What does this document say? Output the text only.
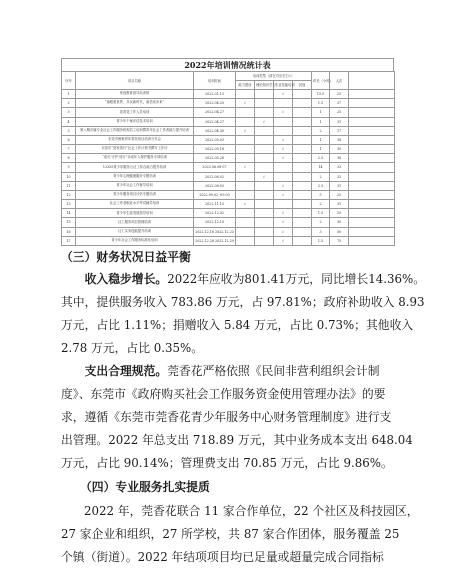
2022年培训情况统计表
序号	项目名称	培训时间	培训类型（请在对应栏打√）				时长（小时）	人次	
			能力建设	理论知识学习	专业技能培训	其他			
1	家庭教育指导培训班	2022.01.13			√		15.5	25	
2	“童眼看世界，共议新时代，童语话未来”	2022.04.20	√				1.5	37	
3	莞香花工作人员培训	2022.04.27			√		1	25	
4	青少年个案评估技术培训	2022.04.27		√			1	31	
5	第八期市属专业社会工作服务机构员工培训暨青年社会工作者能力提升培训	2022.04.30	√				2	17	
6	东莞市困难青年帮扶项目培训分享会	2022.05.03			√		1	38	
7	东莞市“莞家善行”社会工作计划书撰写工作坊	2022.05.18			√		1	30	
8	“成长·守护·同行”未成年人保护服务专项培训	2022.05.26			√		2.5	38	
9	12355青少年服务台社工综合能力提升培训	2022.06.08-07	√				14	33	
10	青少年心理健康服务专题培训	2022.08.02		√			2	32	
11	青少年社会工作督导培训	2022.08.03			√		2.5	31	
12	青少年服务项目评估专题培训	2022.09.02 -09.03			√		5	25	
13	社会工作者职业水平考试辅导培训	2022.11.10	√				2	31	
14	青少年生涯发展指导培训	2022.12.02			√		1.5	25	
15	社工服务项目管理培训	2022.12.10			√		2	30	
16	社工实务技能提升培训	2022.12.16 2022.12.23			√		3	50	
17	青少年社会工作服务标准化培训	2022.12.28 2022.12.29			√		1.5	75	
（三）财务状况日益平衡
收入稳步增长。2022年应收为801.41万元，同比增长14.36%。
其中，提供服务收入 783.86 万元，占 97.81%；政府补助收入 8.93
万元，占比 1.11%；捐赠收入 5.84 万元，占比 0.73%；其他收入
2.78 万元，占比 0.35%。
支出合理规范。莞香花严格依照《民间非营利组织会计制
度》、东莞市《政府购买社会工作服务资金使用管理办法》的要
求，遵循《东莞市莞香花青少年服务中心财务管理制度》进行支
出管理。2022 年总支出 718.89 万元，其中业务成本支出 648.04
万元，占比 90.14%；管理费支出 70.85 万元，占比 9.86%。
（四）专业服务扎实提质
2022 年，莞香花联合 11 家合作单位，22 个社区及科技园区，
27 家企业和组织，27 所学校，共 87 家合作团体，服务覆盖 25
个镇（街道）。2022 年结项项目均已足量或超量完成合同指标
